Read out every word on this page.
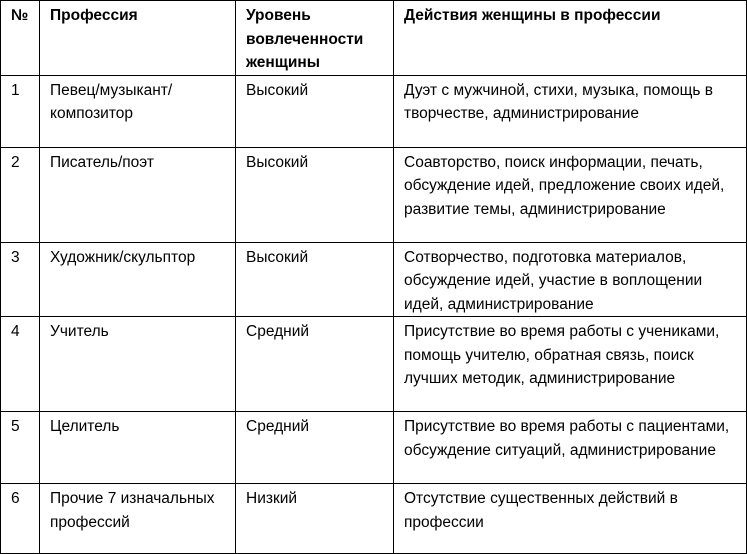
№	Профессия	Уровень вовлеченности женщины	Действия женщины в профессии
1	Певец/музыкант/ композитор	Высокий	Дуэт с мужчиной, стихи, музыка, помощь в творчестве, администрирование
2	Писатель/поэт	Высокий	Соавторство, поиск информации, печать, обсуждение идей, предложение своих идей, развитие темы, администрирование
3	Художник/скульптор	Высокий	Сотворчество, подготовка материалов, обсуждение идей, участие в воплощении идей, администрирование
4	Учитель	Средний	Присутствие во время работы с учениками, помощь учителю, обратная связь, поиск лучших методик, администрирование
5	Целитель	Средний	Присутствие во время работы с пациентами, обсуждение ситуаций, администрирование
6	Прочие 7 изначальных профессий	Низкий	Отсутствие существенных действий в профессии
